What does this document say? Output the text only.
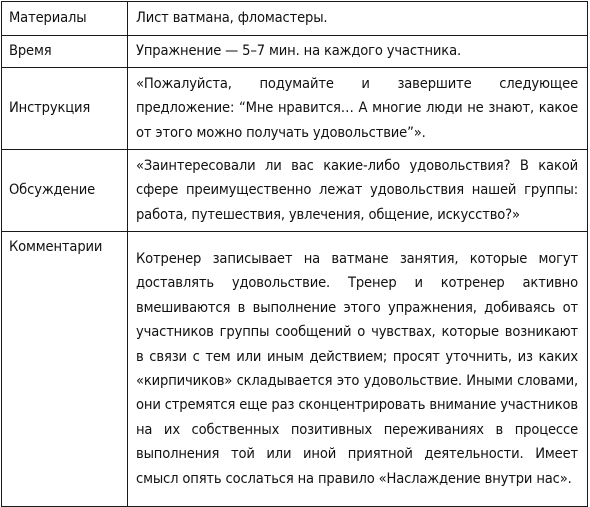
Материалы	Лист ватмана, фломастеры.

Время	Упражнение — 5–7 мин. на каждого участника.

Инструкция	«Пожалуйста, подумайте и завершите следующее предложение: “Мне нравится… А многие люди не знают, какое от этого можно получать удовольствие”».

Обсуждение	«Заинтересовали ли вас какие-либо удовольствия? В какой сфере преимущественно лежат удовольствия нашей группы: работа, путешествия, увлечения, общение, искусство?»

Комментарии	Котренер записывает на ватмане занятия, которые могут доставлять удовольствие. Тренер и котренер активно вмешиваются в выполнение этого упражнения, добиваясь от участников группы сообщений о чувствах, которые возникают в связи с тем или иным действием; просят уточнить, из каких «кирпичиков» складывается это удовольствие. Иными словами, они стремятся еще раз сконцентрировать внимание участников на их собственных позитивных переживаниях в процессе выполнения той или иной приятной деятельности. Имеет смысл опять сослаться на правило «Наслаждение внутри нас».
